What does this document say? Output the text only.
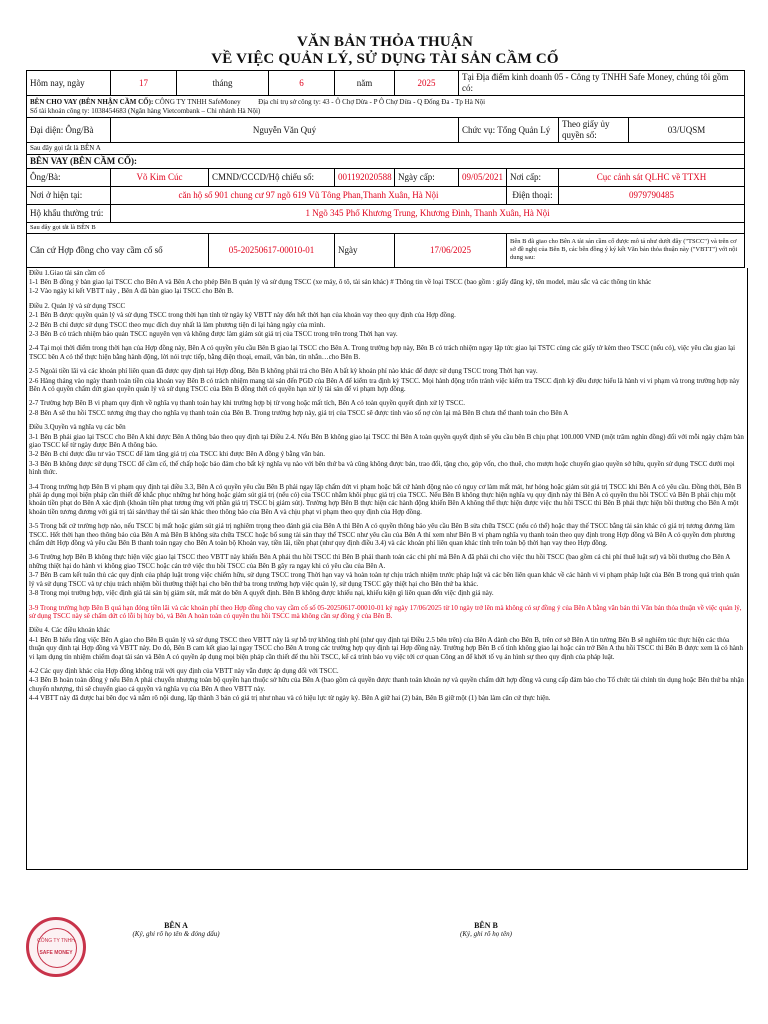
VĂN BẢN THỎA THUẬN
VỀ VIỆC QUẢN LÝ, SỬ DỤNG TÀI SẢN CẦM CỐ
Hôm nay, ngày	17	tháng		6	năm	2025	Tại Địa điểm kinh doanh 05 - Công ty TNHH Safe Money, chúng tôi gồm có:			
BÊN CHO VAY (BÊN NHẬN CẦM CỐ): CÔNG TY TNHH SafeMoney Địa chỉ trụ sở công ty: 43 - Ô Chợ Dừa - P Ô Chợ Dừa - Q Đống Đa - Tp Hà Nội
Số tài khoản công ty: 1038454683 (Ngân hàng Vietcombank – Chi nhánh Hà Nội)										
Đại diện: Ông/Bà	Nguyễn Văn Quý						Chức vụ: Tổng Quản Lý		Theo giấy ủy quyền số:	03/UQSM
Sau đây gọi tắt là BÊN A										
BÊN VAY (BÊN CẦM CỐ):										
Ông/Bà:	Võ Kim Cúc		CMND/CCCD/Hộ chiếu số:		001192020588	Ngày cấp:	09/05/2021	Nơi cấp:	Cục cảnh sát QLHC về TTXH	
Nơi ở hiện tại:	căn hộ số 901 chung cư 97 ngõ 619 Vũ Tông Phan,Thanh Xuân, Hà Nội							Điện thoại:	0979790485	
Hộ khẩu thường trú:	1 Ngõ 345 Phố Khương Trung, Khương Đình, Thanh Xuân, Hà Nội									
Sau đây gọi tắt là BÊN B										
Căn cứ Hợp đồng cho vay cầm cố số			05-20250617-00010-01		Ngày	17/06/2025		Bên B đã giao cho Bên A tài sản cầm cố được mô tả như dưới đây ("TSCC") và trên cơ sở đề nghị của Bên B, các bên đồng ý ký kết Văn bản thỏa thuận này ("VBTT") với nội dung sau:		

Điều 1.Giao tài sản cầm cố

1-1 Bên B đồng ý bàn giao lại TSCC cho Bên A và Bên A cho phép Bên B quản lý và sử dụng TSCC (xe máy, ô tô, tài sản khác) # Thông tin về loại TSCC (bao gồm : giấy đăng ký, tên model, màu sắc và các thông tin khác

1-2 Vào ngày kí kết VBTT này , Bên A đã bàn giao lại TSCC cho Bên B.

Điều 2. Quản lý và sử dụng TSCC

2-1 Bên B được quyền quản lý và sử dụng TSCC trong thời hạn tính từ ngày ký VBTT này đến hết thời hạn của khoản vay theo quy định của Hợp đồng.

2-2 Bên B chỉ được sử dụng TSCC theo mục đích duy nhất là làm phương tiện đi lại hàng ngày của mình.

2-3 Bên B có trách nhiệm bảo quản TSCC nguyên vẹn và không được làm giảm sút giá trị của TSCC trong trên trong Thời hạn vay.

2-4 Tại mọi thời điểm trong thời hạn của Hợp đồng này, Bên A có quyền yêu cầu Bên B giao lại TSCC cho Bên A. Trong trường hợp này, Bên B có trách nhiệm ngay lập tức giao lại TSTC cùng các giấy tờ kèm theo TSCC (nếu có), việc yêu cầu giao lại TSCC bên A có thể thực hiện bằng hành động, lời nói trực tiếp, bằng điện thoại, email, văn bản, tin nhắn…cho Bên B.

2-5 Ngoài tiền lãi và các khoản phí liên quan đã được quy định tại Hợp đồng, Bên B không phải trả cho Bên A bất kỳ khoản phí nào khác để được sử dụng TSCC trong Thời hạn vay.

2-6 Hàng tháng vào ngày thanh toán tiền của khoản vay Bên B có trách nhiệm mang tài sản đến PGD của Bên A để kiểm tra định kỳ TSCC. Mọi hành động trốn tránh việc kiểm tra TSCC định kỳ đều được hiểu là hành vi vi phạm và trong trường hợp này Bên A có quyền chấm dứt giao quyền quản lý và sử dụng TSCC của Bên B đồng thời có quyền hạn xử lý tài sản để vi phạm hợp đồng.

2-7 Trường hợp Bên B vi phạm quy định về nghĩa vụ thanh toán hay khi trường hợp bị từ vong hoặc mất tích, Bên A có toàn quyền quyết định xử lý TSCC.

2-8 Bên A sẽ thu hồi TSCC tương ứng thay cho nghĩa vụ thanh toán của Bên B. Trong trường hợp này, giá trị của TSCC sẽ được tính vào số nợ còn lại mà Bên B chưa thể thanh toán cho Bên A

Điều 3.Quyền và nghĩa vụ các bên

3-1 Bên B phải giao lại TSCC cho Bên A khi được Bên A thông báo theo quy định tại Điều 2.4. Nếu Bên B không giao lại TSCC thì Bên A toàn quyền quyết định sẽ yêu cầu bên B chịu phạt 100.000 VNĐ (một trăm nghìn đồng) đối với mỗi ngày chậm bàn giao TSCC kể từ ngày được Bên A thông báo.

3-2 Bên B chỉ được đầu tư vào TSCC để làm tăng giá trị của TSCC khi được Bên A đồng ý bằng văn bản.

3-3 Bên B không được sử dụng TSCC để cầm cố, thế chấp hoặc bảo đảm cho bất kỳ nghĩa vụ nào với bên thứ ba và cũng không được bán, trao đổi, tặng cho, góp vốn, cho thuê, cho mượn hoặc chuyển giao quyền sở hữu, quyền sử dụng TSCC dưới mọi hình thức.

3-4 Trong trường hợp Bên B vi phạm quy định tại điều 3.3, Bên A có quyền yêu cầu Bên B phải ngay lập chấm dứt vi phạm hoặc bất cứ hành động nào có nguy cơ làm mất mát, hư hỏng hoặc giảm sút giá trị TSCC khi Bên A có yêu cầu. Đồng thời, Bên B phải áp dụng mọi biện pháp cần thiết để khắc phục những hư hỏng hoặc giảm sút giá trị (nếu có) của TSCC nhằm khôi phục giá trị của TSCC. Nếu Bên B không thực hiện nghĩa vụ quy định này thì Bên A có quyền thu hồi TSCC và Bên B phải chịu một khoản tiền phạt do Bên A xác định (khoản tiền phạt tương ứng với phần giá trị TSCC bị giảm sút). Trường hợp Bên B thực hiện các hành động khiến Bên A không thể thực hiện được việc thu hồi TSCC thì Bên B phải thực hiện bồi thường cho Bên A một khoản tiền tương đương với giá trị tài sản/thay thế tài sản khác theo thông báo của Bên A và chịu phạt vi phạm theo quy định của Hợp đồng.

3-5 Trong bất cứ trường hợp nào, nếu TSCC bị mất hoặc giảm sút giá trị nghiêm trọng theo đánh giá của Bên A thì Bên A có quyền thông báo yêu cầu Bên B sửa chữa TSCC (nếu có thể) hoặc thay thế TSCC bằng tài sản khác có giá trị tương đương làm TSCC. Hết thời hạn theo thông báo của Bên A mà Bên B không sửa chữa TSCC hoặc bổ sung tài sản thay thế TSCC như yêu cầu của Bên A thì xem như Bên B vi phạm nghĩa vụ thanh toán theo quy định trong Hợp đồng và Bên A có quyền đơn phương chấm dứt Hợp đồng và yêu cầu Bên B thanh toán ngay cho Bên A toàn bộ Khoản vay, tiền lãi, tiền phạt (như quy định điều 3.4) và các khoản phí liên quan khác tính trên toàn bộ thời hạn vay theo Hợp đồng.

3-6 Trường hợp Bên B không thực hiện việc giao lại TSCC theo VBTT này khiến Bên A phải thu hồi TSCC thì Bên B phải thanh toán các chi phí mà Bên A đã phải chi cho việc thu hồi TSCC (bao gồm cả chi phí thuê luật sư) và bồi thường cho Bên A những thiệt hại do hành vi không giao TSCC hoặc cản trở việc thu hồi TSCC của Bên B gây ra ngay khi có yêu cầu của Bên A.

3-7 Bên B cam kết tuân thủ các quy định của pháp luật trong việc chiếm hữu, sử dụng TSCC trong Thời hạn vay và hoàn toàn tự chịu trách nhiệm trước pháp luật và các bên liên quan khác về các hành vi vi phạm pháp luật của Bên B trong quá trình quản lý và sử dụng TSCC và tự chịu trách nhiệm bồi thường thiệt hại cho bên thứ ba trong trường hợp việc quản lý, sử dụng TSCC gây thiệt hại cho Bên thứ ba khác.

3-8 Trong mọi trường hợp, việc định giá tài sản bị giảm sút, mất mát do bên A quyết định. Bên B không được khiếu nại, khiếu kiện gì liên quan đến việc định giá này.

3-9 Trong trường hợp Bên B quá hạn đóng tiền lãi và các khoản phí theo Hợp đồng cho vay cầm cố số 05-20250617-00010-01 ký ngày 17/06/2025 từ 10 ngày trở lên mà không có sự đồng ý của Bên A bằng văn bản thì Văn bản thỏa thuận về việc quản lý, sử dụng TSCC này sẽ chấm dứt có lỗi bị hủy bỏ, và Bên A hoàn toàn có quyền thu hồi TSCC mà không cần sự đồng ý của Bên B.

Điều 4. Các điều khoản khác

4-1 Bên B hiểu rằng việc Bên A giao cho Bên B quản lý và sử dụng TSCC theo VBTT này là sự hỗ trợ không tính phí (như quy định tại Điều 2.5 bên trên) của Bên A dành cho Bên B, trên cơ sở Bên A tin tưởng Bên B sẽ nghiêm túc thực hiện các thỏa thuận quy định tại Hợp đồng và VBTT này. Do đó, Bên B cam kết giao lại ngay TSCC cho Bên A trong các trường hợp quy định tại Hợp đồng này. Trường hợp Bên B cố tình không giao lại hoặc cản trở Bên A thu hồi TSCC thì Bên B được xem là có hành vi lạm dụng tín nhiệm chiếm đoạt tài sản và Bên A có quyền áp dụng mọi biện pháp cần thiết để thu hồi TSCC, kể cả trình báo vụ việc tới cơ quan Công an để khởi tố vụ án hình sự theo quy định của pháp luật.

4-2 Các quy định khác của Hợp đồng không trái với quy định của VBTT này vẫn được áp dụng đối với TSCC.

4-3 Bên B hoàn toàn đồng ý nếu Bên A phải chuyển nhượng toàn bộ quyền hạn thuộc sở hữu của Bên A (bao gồm cả quyền được thanh toán khoản nợ và quyền chấm dứt hợp đồng và cung cấp đảm bảo cho Tổ chức tài chính tín dụng hoặc Bên thứ ba nhận chuyển nhượng, thì sẽ chuyển giao cả quyền và nghĩa vụ của Bên A theo VBTT này.

4-4 VBTT này đã được hai bên đọc và nắm rõ nội dung, lập thành 3 bản có giá trị như nhau và có hiệu lực từ ngày ký. Bên A giữ hai (2) bản, Bên B giữ một (1) bản làm căn cứ thực hiện.

CÔNG TY TNHH
SAFE MONEY
BÊN A
(Ký, ghi rõ họ tên & đóng dấu)
BÊN B
(Ký, ghi rõ họ tên)
